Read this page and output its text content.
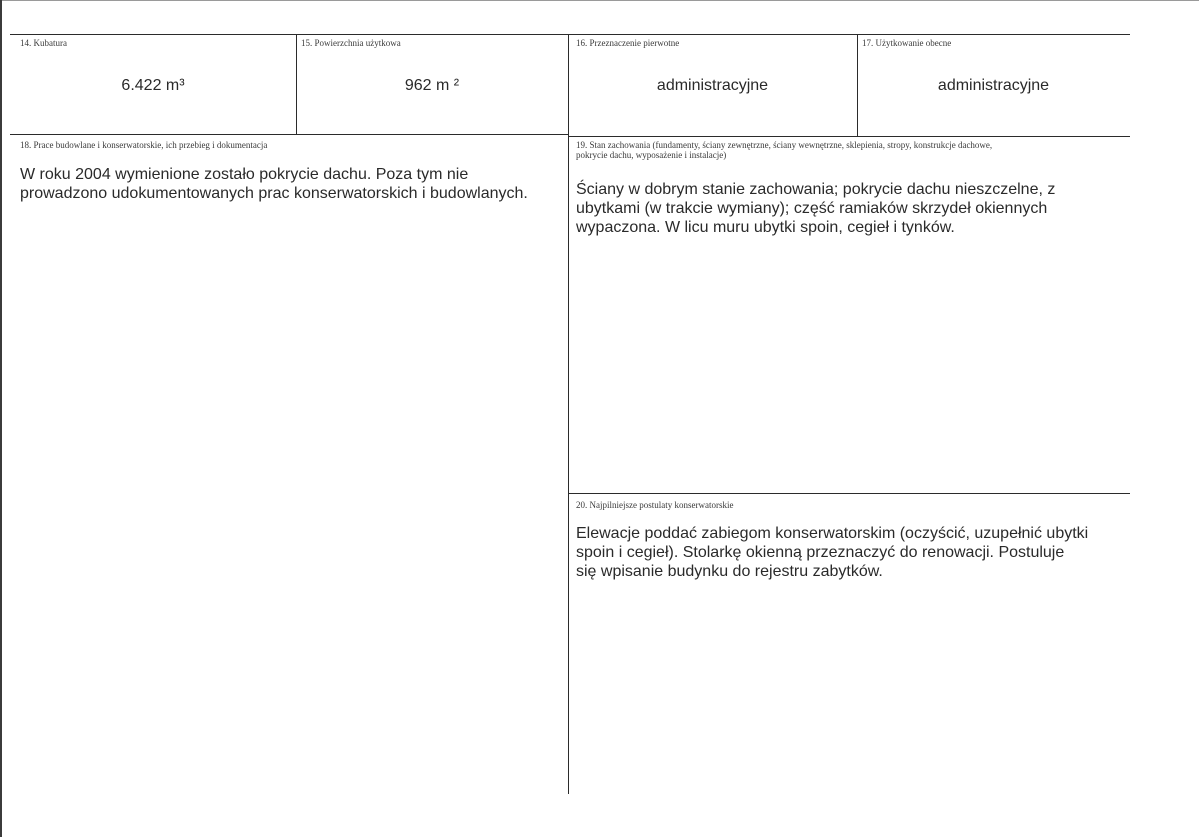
14. Kubatura
6.422 m³
15. Powierzchnia użytkowa
962 m ²
16. Przeznaczenie pierwotne
administracyjne
17. Użytkowanie obecne
administracyjne
18. Prace budowlane i konserwatorskie, ich przebieg i dokumentacja
W roku 2004 wymienione zostało pokrycie dachu. Poza tym nie
prowadzono udokumentowanych prac konserwatorskich i budowlanych.
19. Stan zachowania (fundamenty, ściany zewnętrzne, ściany wewnętrzne, sklepienia, stropy, konstrukcje dachowe,
pokrycie dachu, wyposażenie i instalacje)
Ściany w dobrym stanie zachowania; pokrycie dachu nieszczelne, z
ubytkami (w trakcie wymiany); część ramiaków skrzydeł okiennych
wypaczona. W licu muru ubytki spoin, cegieł i tynków.
20. Najpilniejsze postulaty konserwatorskie
Elewacje poddać zabiegom konserwatorskim (oczyścić, uzupełnić ubytki
spoin i cegieł). Stolarkę okienną przeznaczyć do renowacji. Postuluje
się wpisanie budynku do rejestru zabytków.
